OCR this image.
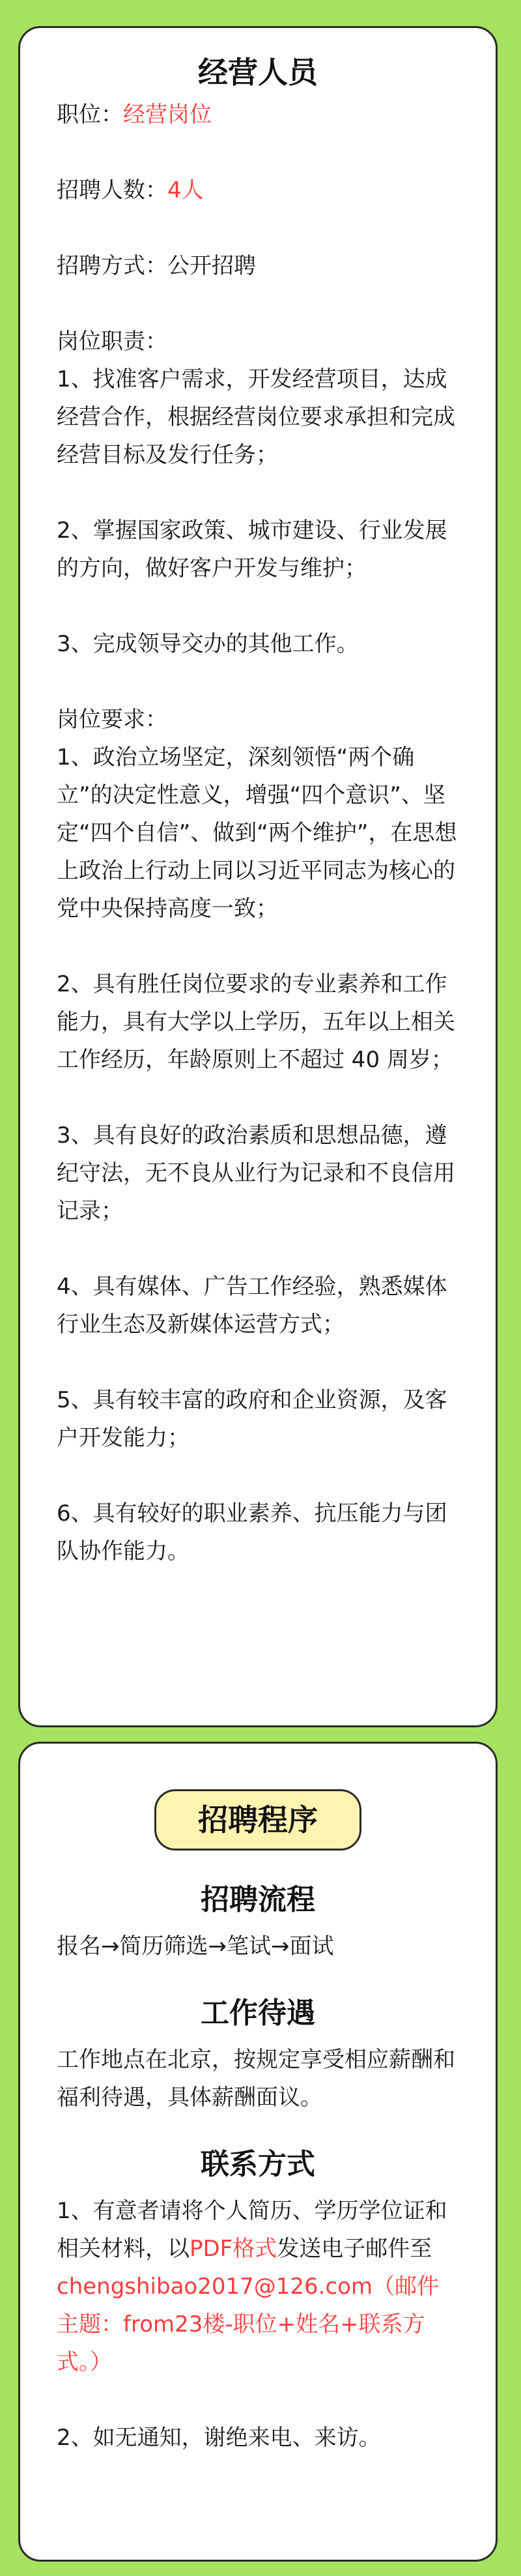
经营人员

职位：经营岗位

招聘人数：4人

招聘方式：公开招聘

岗位职责：

1、找准客户需求，开发经营项目，达成经营合作，根据经营岗位要求承担和完成经营目标及发行任务；

2、掌握国家政策、城市建设、行业发展的方向，做好客户开发与维护；

3、完成领导交办的其他工作。

岗位要求：

1、政治立场坚定，深刻领悟“两个确立”的决定性意义，增强“四个意识”、坚定“四个自信”、做到“两个维护”，在思想上政治上行动上同以习近平同志为核心的党中央保持高度一致；

2、具有胜任岗位要求的专业素养和工作能力，具有大学以上学历，五年以上相关工作经历，年龄原则上不超过 40 周岁；

3、具有良好的政治素质和思想品德，遵纪守法，无不良从业行为记录和不良信用记录；

4、具有媒体、广告工作经验，熟悉媒体行业生态及新媒体运营方式；

5、具有较丰富的政府和企业资源，及客户开发能力；

6、具有较好的职业素养、抗压能力与团队协作能力。

招聘程序
招聘流程

报名→简历筛选→笔试→面试

工作待遇

工作地点在北京，按规定享受相应薪酬和福利待遇，具体薪酬面议。

联系方式

1、有意者请将个人简历、学历学位证和相关材料，以PDF格式发送电子邮件至chengshibao2017@126.com（邮件主题：from23楼-职位+姓名+联系方式。）

2、如无通知，谢绝来电、来访。
